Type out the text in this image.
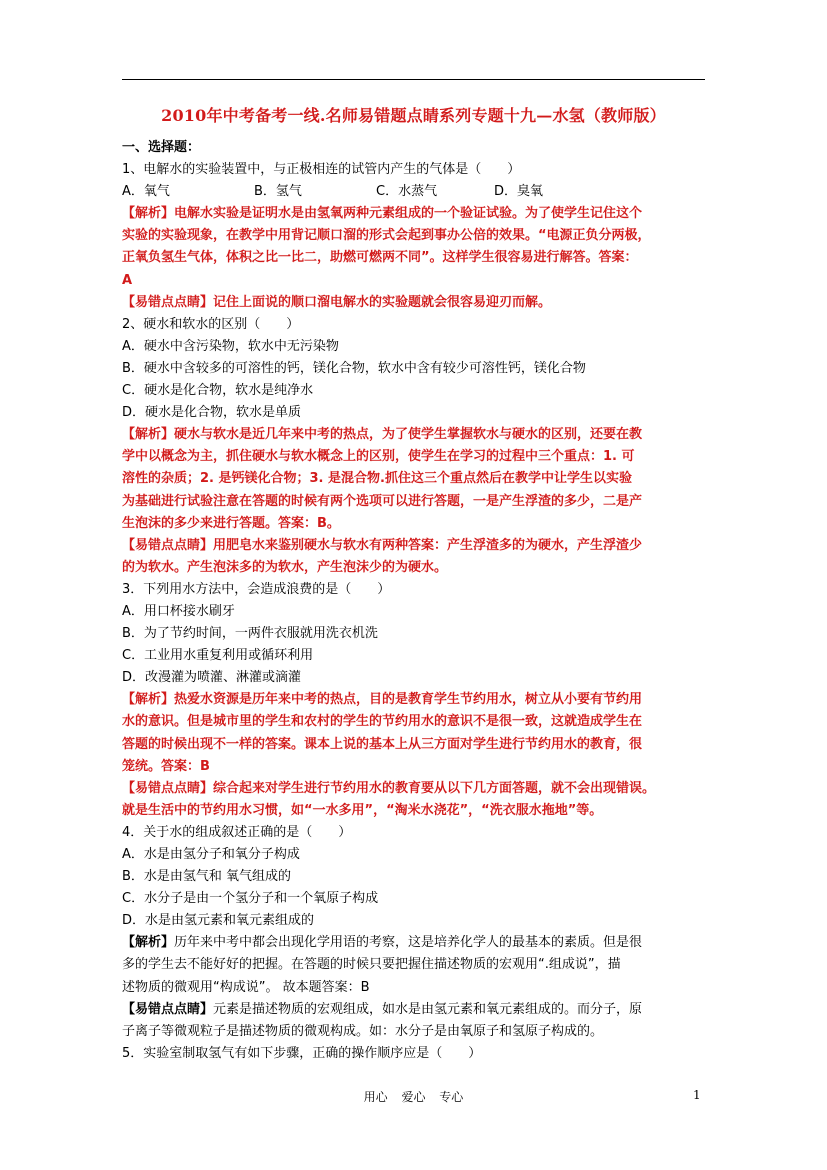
2010年中考备考一线.名师易错题点睛系列专题十九—水氢（教师版）
一、选择题：
1、电解水的实验装置中，与正极相连的试管内产生的气体是（　　）
A．氧气	B．氢气	C．水蒸气	D．臭氧
【解析】电解水实验是证明水是由氢氧两种元素组成的一个验证试验。为了使学生记住这个
实验的实验现象，在教学中用背记顺口溜的形式会起到事办公倍的效果。“电源正负分两极，
正氧负氢生气体，体积之比一比二，助燃可燃两不同”。这样学生很容易进行解答。答案：
A
【易错点点睛】记住上面说的顺口溜电解水的实验题就会很容易迎刃而解。
2、硬水和软水的区别（　　）
A．硬水中含污染物，软水中无污染物
B．硬水中含较多的可溶性的钙，镁化合物，软水中含有较少可溶性钙，镁化合物
C．硬水是化合物，软水是纯净水
D．硬水是化合物，软水是单质
【解析】硬水与软水是近几年来中考的热点，为了使学生掌握软水与硬水的区别，还要在教
学中以概念为主，抓住硬水与软水概念上的区别，使学生在学习的过程中三个重点：1. 可
溶性的杂质；2. 是钙镁化合物；3. 是混合物.抓住这三个重点然后在教学中让学生以实验
为基础进行试验注意在答题的时候有两个选项可以进行答题，一是产生浮渣的多少，二是产
生泡沫的多少来进行答题。答案：B。
【易错点点睛】用肥皂水来鉴别硬水与软水有两种答案：产生浮渣多的为硬水，产生浮渣少
的为软水。产生泡沫多的为软水，产生泡沫少的为硬水。
3．下列用水方法中，会造成浪费的是（　　）
A．用口杯接水刷牙
B．为了节约时间，一两件衣服就用洗衣机洗
C．工业用水重复利用或循环利用
D．改漫灌为喷灌、淋灌或滴灌
【解析】热爱水资源是历年来中考的热点，目的是教育学生节约用水，树立从小要有节约用
水的意识。但是城市里的学生和农村的学生的节约用水的意识不是很一致，这就造成学生在
答题的时候出现不一样的答案。课本上说的基本上从三方面对学生进行节约用水的教育，很
笼统。答案：B
【易错点点睛】综合起来对学生进行节约用水的教育要从以下几方面答题，就不会出现错误。
就是生活中的节约用水习惯，如“一水多用”，“淘米水浇花”，“洗衣服水拖地”等。
4．关于水的组成叙述正确的是（　　）
A．水是由氢分子和氧分子构成
B．水是由氢气和 氧气组成的
C．水分子是由一个氢分子和一个氧原子构成
D．水是由氢元素和氧元素组成的
【解析】历年来中考中都会出现化学用语的考察，这是培养化学人的最基本的素质。但是很
多的学生去不能好好的把握。在答题的时候只要把握住描述物质的宏观用“.组成说”，描
述物质的微观用“构成说”。 故本题答案：B
【易错点点睛】元素是描述物质的宏观组成，如水是由氢元素和氧元素组成的。而分子，原
子离子等微观粒子是描述物质的微观构成。如：水分子是由氧原子和氢原子构成的。
5．实验室制取氢气有如下步骤，正确的操作顺序应是（　　）
用心 爱心 专心	1
